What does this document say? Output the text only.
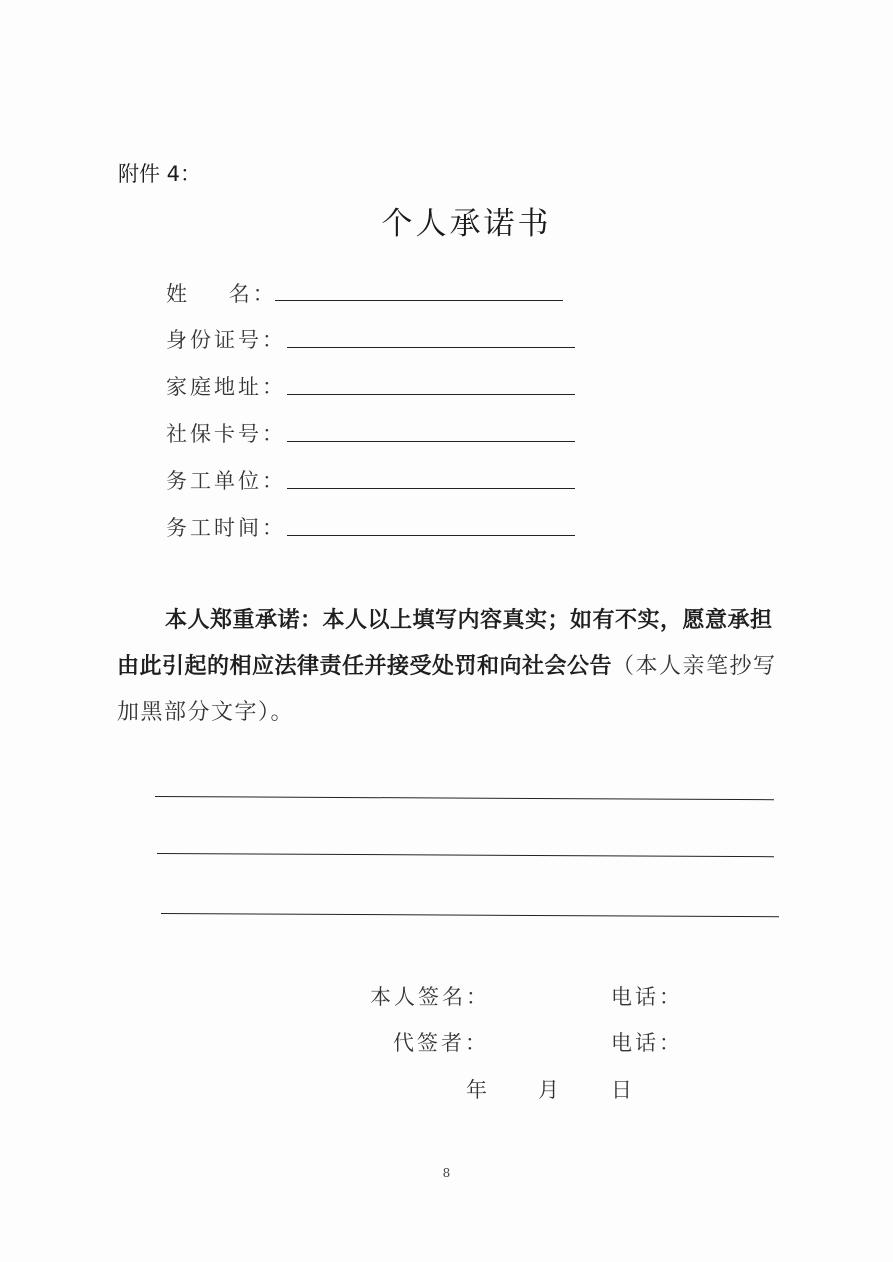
附件 4：
个人承诺书
姓    名：
身份证号：
家庭地址：
社保卡号：
务工单位：
务工时间：
本人郑重承诺：本人以上填写内容真实；如有不实，愿意承担由此引起的相应法律责任并接受处罚和向社会公告（本人亲笔抄写加黑部分文字）。
本人签名：	电话：
代签者：	电话：
年 月 日
8
